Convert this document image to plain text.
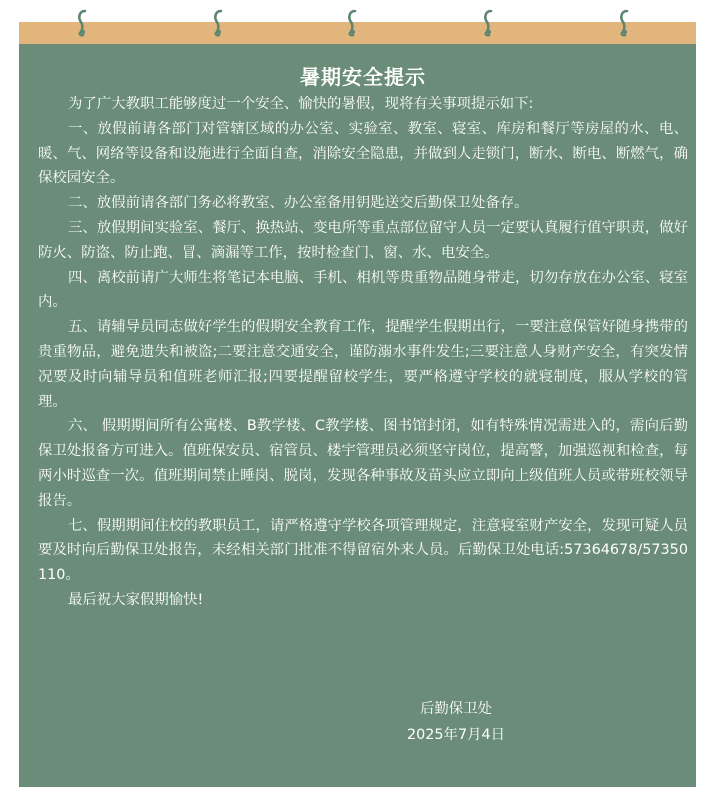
暑期安全提示

为了广大教职工能够度过一个安全、愉快的暑假，现将有关事项提示如下:

一、放假前请各部门对管辖区域的办公室、实验室、教室、寝室、库房和餐厅等房屋的水、电、暖、气、网络等设备和设施进行全面自查，消除安全隐患，并做到人走锁门，断水、断电、断燃气，确保校园安全。

二、放假前请各部门务必将教室、办公室备用钥匙送交后勤保卫处备存。

三、放假期间实验室、餐厅、换热站、变电所等重点部位留守人员一定要认真履行值守职责，做好防火、防盗、防止跑、冒、滴漏等工作，按时检查门、窗、水、电安全。

四、离校前请广大师生将笔记本电脑、手机、相机等贵重物品随身带走，切勿存放在办公室、寝室内。

五、请辅导员同志做好学生的假期安全教育工作，提醒学生假期出行，一要注意保管好随身携带的贵重物品，避免遗失和被盗;二要注意交通安全，谨防溺水事件发生;三要注意人身财产安全，有突发情况要及时向辅导员和值班老师汇报;四要提醒留校学生，要严格遵守学校的就寝制度，服从学校的管理。

六、 假期期间所有公寓楼、B教学楼、C教学楼、图书馆封闭，如有特殊情况需进入的，需向后勤保卫处报备方可进入。值班保安员、宿管员、楼宇管理员必须坚守岗位，提高警，加强巡视和检查，每两小时巡查一次。值班期间禁止睡岗、脱岗，发现各种事故及苗头应立即向上级值班人员或带班校领导报告。

七、假期期间住校的教职员工，请严格遵守学校各项管理规定，注意寝室财产安全，发现可疑人员要及时向后勤保卫处报告，未经相关部门批准不得留宿外来人员。后勤保卫处电话:57364678/57350110。

最后祝大家假期愉快!

后勤保卫处
2025年7月4日
